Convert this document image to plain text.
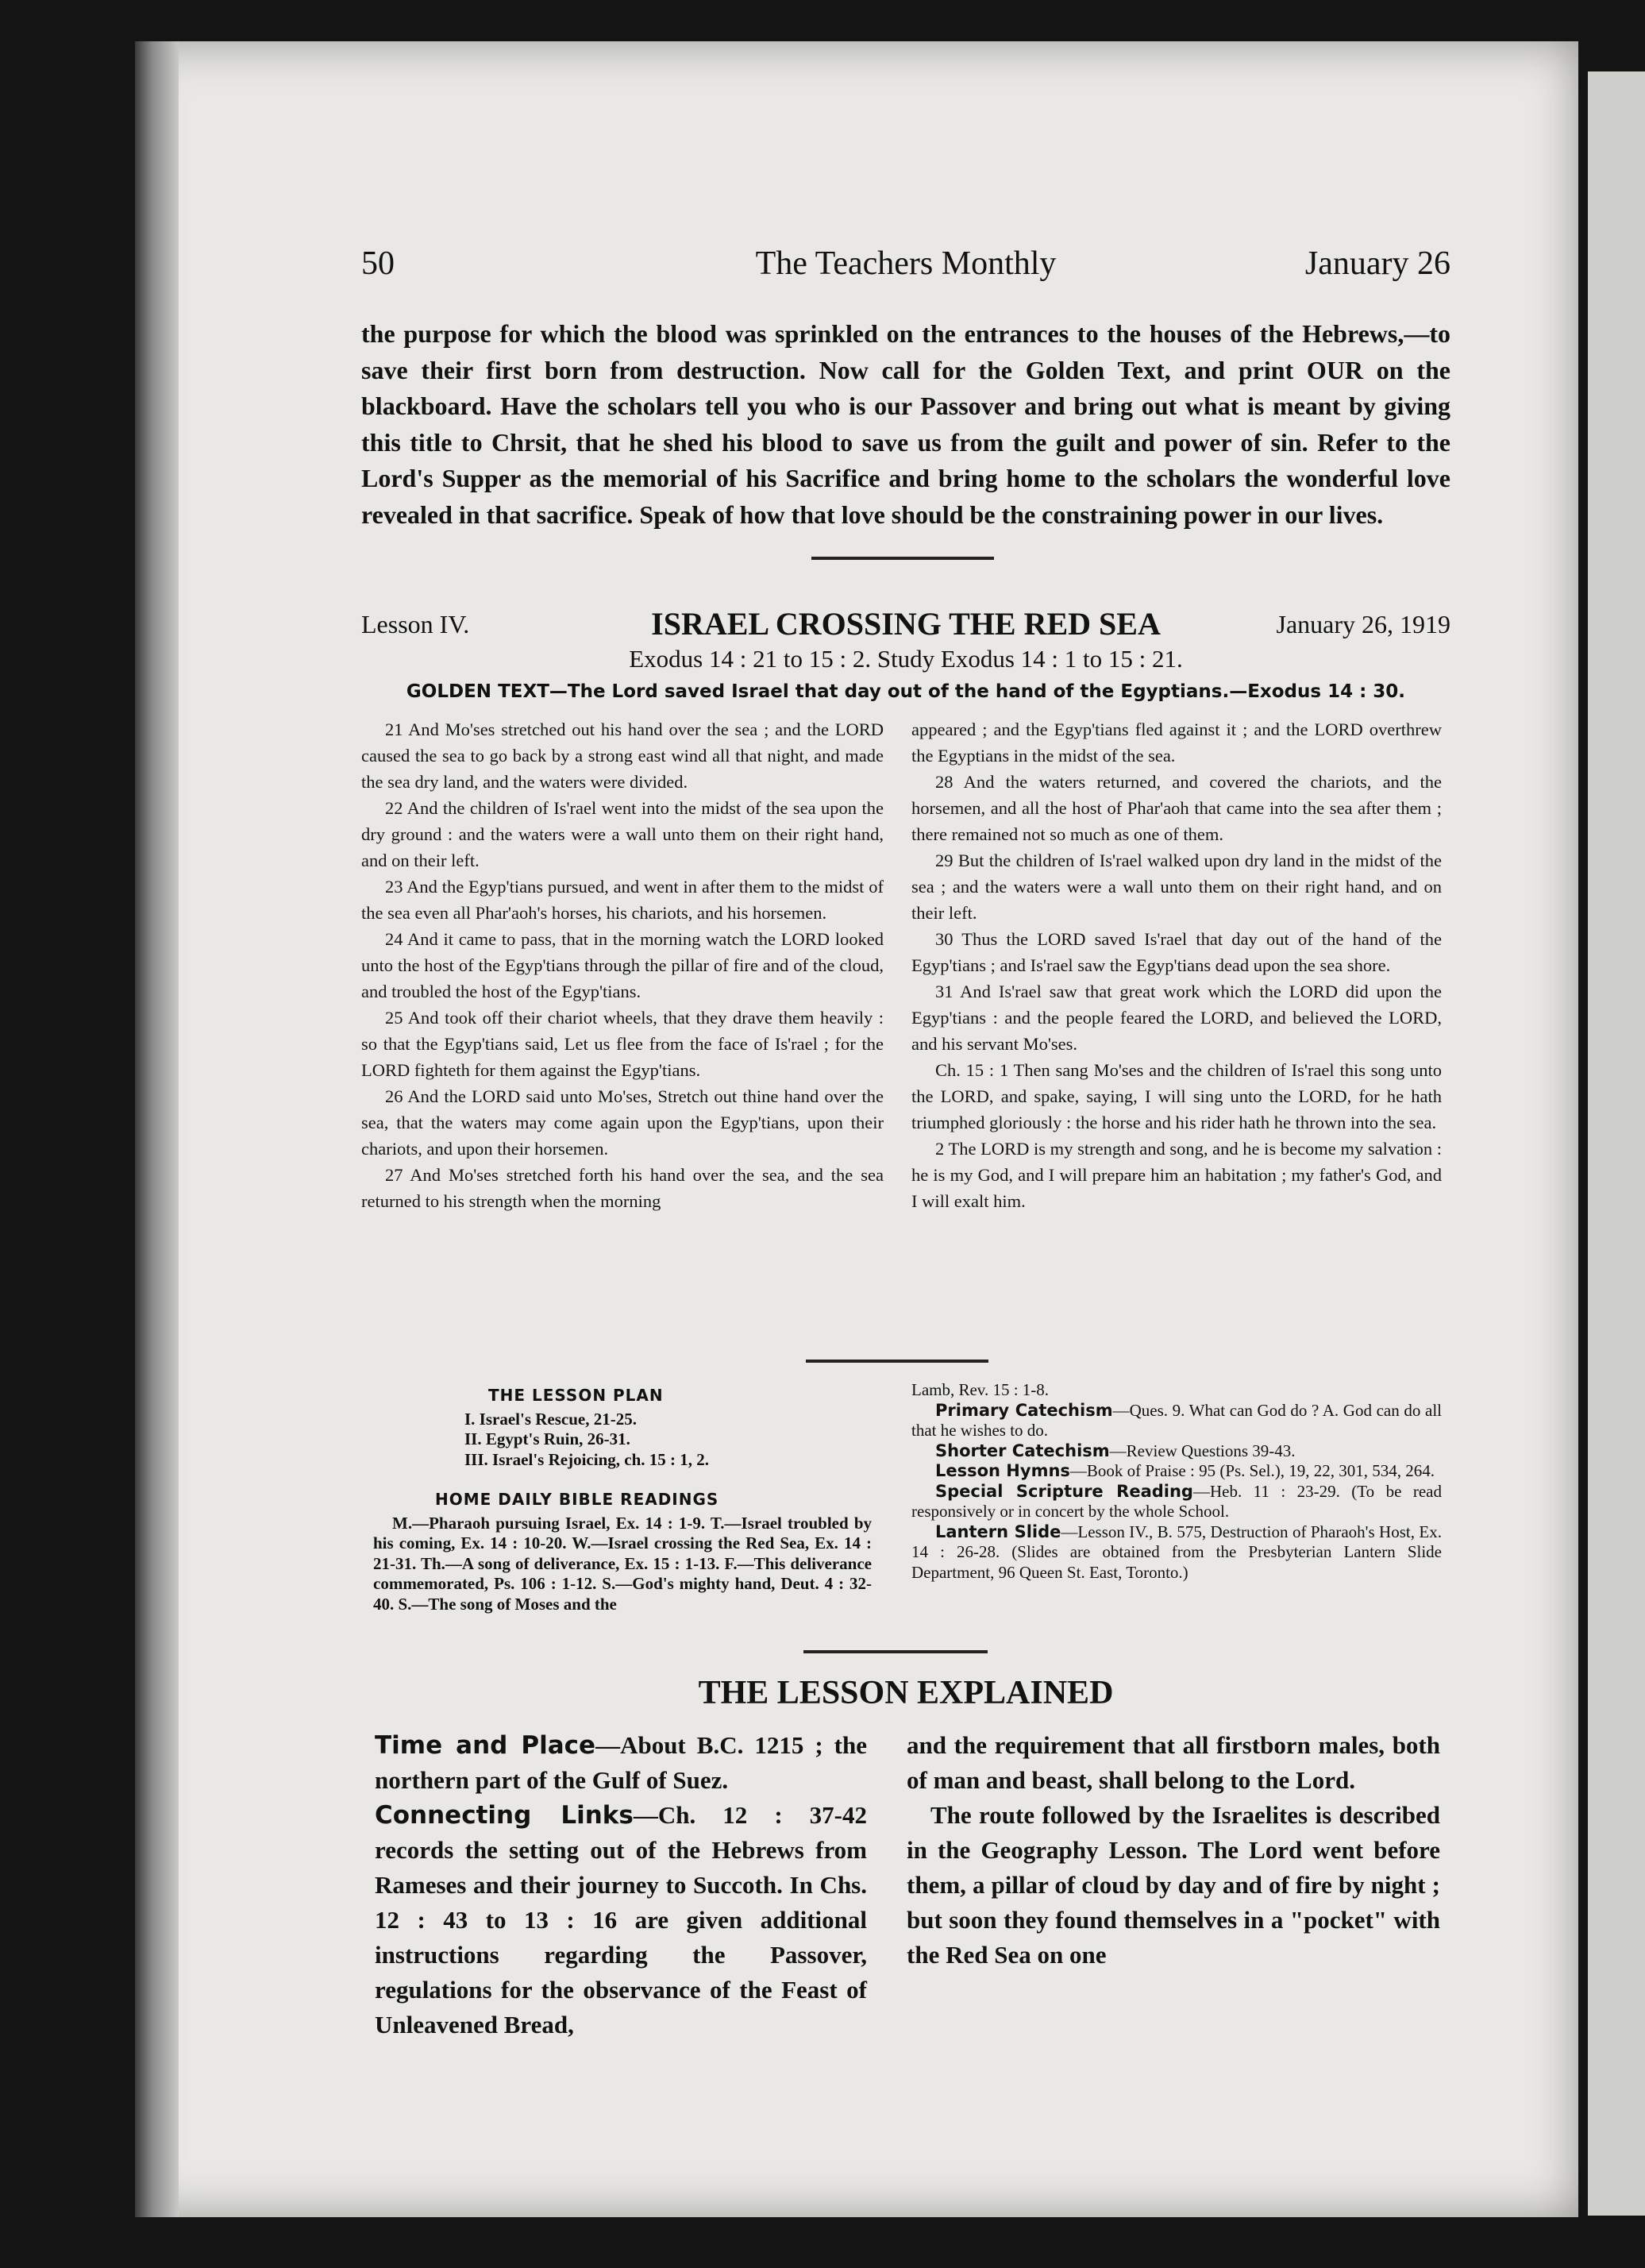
50	The Teachers Monthly	January 26
the purpose for which the blood was sprinkled on the entrances to the houses of the Hebrews,—to save their first born from destruction. Now call for the Golden Text, and print OUR on the blackboard. Have the scholars tell you who is our Passover and bring out what is meant by giving this title to Chrsit, that he shed his blood to save us from the guilt and power of sin. Refer to the Lord's Supper as the memorial of his Sacrifice and bring home to the scholars the wonderful love revealed in that sacrifice. Speak of how that love should be the constraining power in our lives.
Lesson IV.	ISRAEL CROSSING THE RED SEA	January 26, 1919
Exodus 14 : 21 to 15 : 2. Study Exodus 14 : 1 to 15 : 21.
GOLDEN TEXT—The Lord saved Israel that day out of the hand of the Egyptians.—Exodus 14 : 30.

21 And Mo'ses stretched out his hand over the sea ; and the LORD caused the sea to go back by a strong east wind all that night, and made the sea dry land, and the waters were divided.

22 And the children of Is'rael went into the midst of the sea upon the dry ground : and the waters were a wall unto them on their right hand, and on their left.

23 And the Egyp'tians pursued, and went in after them to the midst of the sea even all Phar'aoh's horses, his chariots, and his horsemen.

24 And it came to pass, that in the morning watch the LORD looked unto the host of the Egyp'tians through the pillar of fire and of the cloud, and troubled the host of the Egyp'tians.

25 And took off their chariot wheels, that they drave them heavily : so that the Egyp'tians said, Let us flee from the face of Is'rael ; for the LORD fighteth for them against the Egyp'tians.

26 And the LORD said unto Mo'ses, Stretch out thine hand over the sea, that the waters may come again upon the Egyp'tians, upon their chariots, and upon their horsemen.

27 And Mo'ses stretched forth his hand over the sea, and the sea returned to his strength when the morning

appeared ; and the Egyp'tians fled against it ; and the LORD overthrew the Egyptians in the midst of the sea.

28 And the waters returned, and covered the chariots, and the horsemen, and all the host of Phar'aoh that came into the sea after them ; there remained not so much as one of them.

29 But the children of Is'rael walked upon dry land in the midst of the sea ; and the waters were a wall unto them on their right hand, and on their left.

30 Thus the LORD saved Is'rael that day out of the hand of the Egyp'tians ; and Is'rael saw the Egyp'tians dead upon the sea shore.

31 And Is'rael saw that great work which the LORD did upon the Egyp'tians : and the people feared the LORD, and believed the LORD, and his servant Mo'ses.

Ch. 15 : 1 Then sang Mo'ses and the children of Is'rael this song unto the LORD, and spake, saying, I will sing unto the LORD, for he hath triumphed gloriously : the horse and his rider hath he thrown into the sea.

2 The LORD is my strength and song, and he is become my salvation : he is my God, and I will prepare him an habitation ; my father's God, and I will exalt him.

THE LESSON PLAN
I. Israel's Rescue, 21-25.
II. Egypt's Ruin, 26-31.
III. Israel's Rejoicing, ch. 15 : 1, 2.
HOME DAILY BIBLE READINGS
M.—Pharaoh pursuing Israel, Ex. 14 : 1-9. T.—Israel troubled by his coming, Ex. 14 : 10-20. W.—Israel crossing the Red Sea, Ex. 14 : 21-31. Th.—A song of deliverance, Ex. 15 : 1-13. F.—This deliverance commemorated, Ps. 106 : 1-12. S.—God's mighty hand, Deut. 4 : 32-40. S.—The song of Moses and the
Lamb, Rev. 15 : 1-8.
Primary Catechism—Ques. 9. What can God do ? A. God can do all that he wishes to do.
Shorter Catechism—Review Questions 39-43.
Lesson Hymns—Book of Praise : 95 (Ps. Sel.), 19, 22, 301, 534, 264.
Special Scripture Reading—Heb. 11 : 23-29. (To be read responsively or in concert by the whole School.
Lantern Slide—Lesson IV., B. 575, Destruction of Pharaoh's Host, Ex. 14 : 26-28. (Slides are obtained from the Presbyterian Lantern Slide Department, 96 Queen St. East, Toronto.)
THE LESSON EXPLAINED
Time and Place—About B.C. 1215 ; the northern part of the Gulf of Suez.
Connecting Links—Ch. 12 : 37-42 records the setting out of the Hebrews from Rameses and their journey to Succoth. In Chs. 12 : 43 to 13 : 16 are given additional instructions regarding the Passover, regulations for the observance of the Feast of Unleavened Bread,
and the requirement that all firstborn males, both of man and beast, shall belong to the Lord.
The route followed by the Israelites is described in the Geography Lesson. The Lord went before them, a pillar of cloud by day and of fire by night ; but soon they found themselves in a "pocket" with the Red Sea on one
